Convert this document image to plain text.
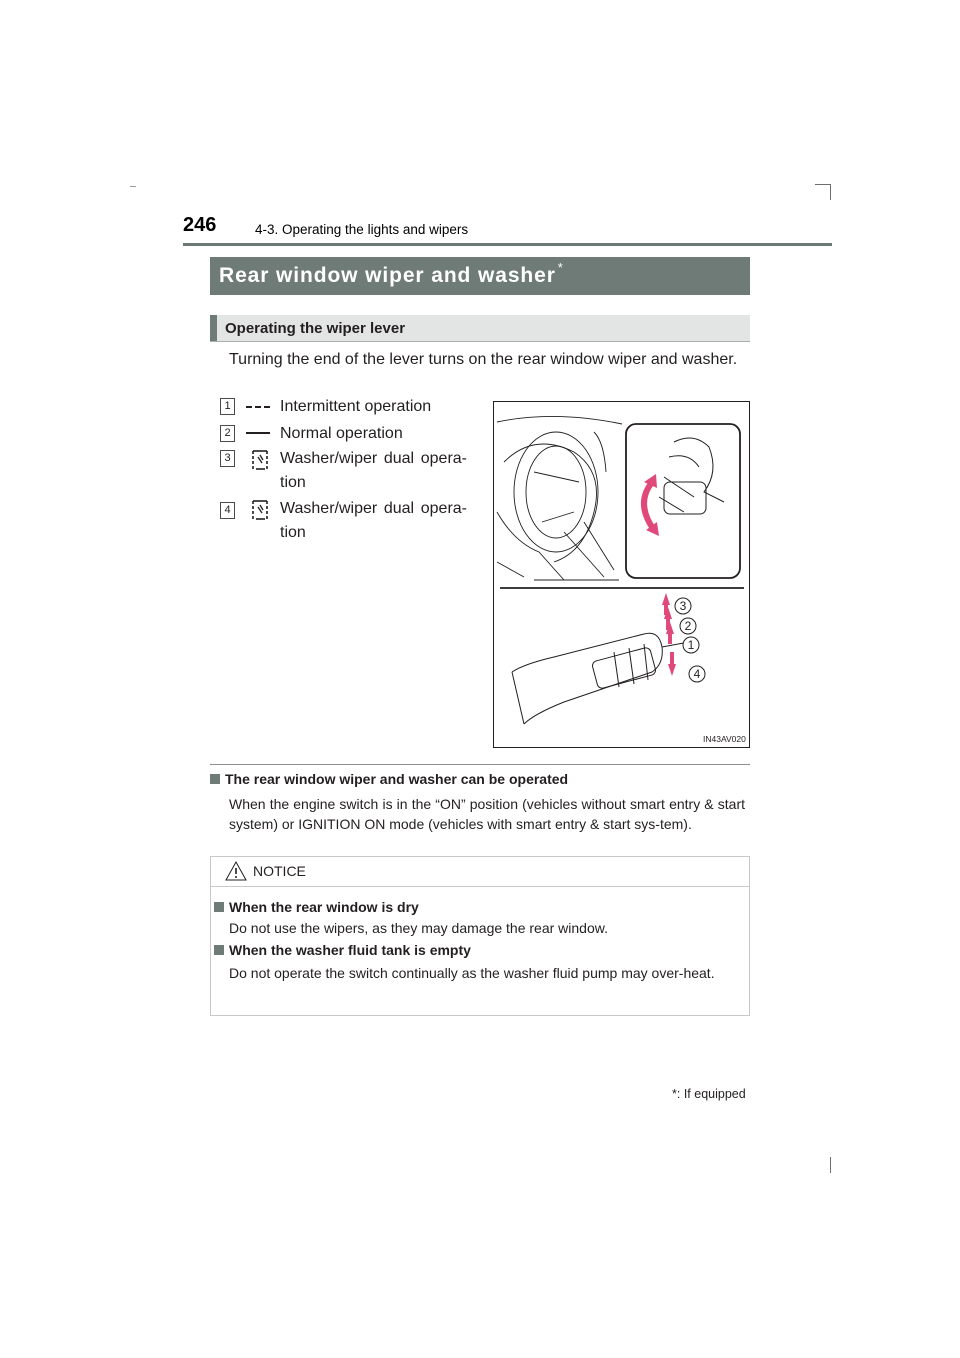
246	4-3. Operating the lights and wipers
Rear window wiper and washer *
Operating the wiper lever
Turning the end of the lever turns on the rear window wiper and washer.
1	Intermittent operation
2	Normal operation
3	Washer/wiper dual opera-
tion
4	Washer/wiper dual opera-
tion
3
2
1
4
IN43AV020
The rear window wiper and washer can be operated
When the engine switch is in the “ON” position (vehicles without smart entry & start system) or IGNITION ON mode (vehicles with smart entry & start sys-tem).
NOTICE
When the rear window is dry
Do not use the wipers, as they may damage the rear window.
When the washer fluid tank is empty
Do not operate the switch continually as the washer fluid pump may over-heat.
*: If equipped
